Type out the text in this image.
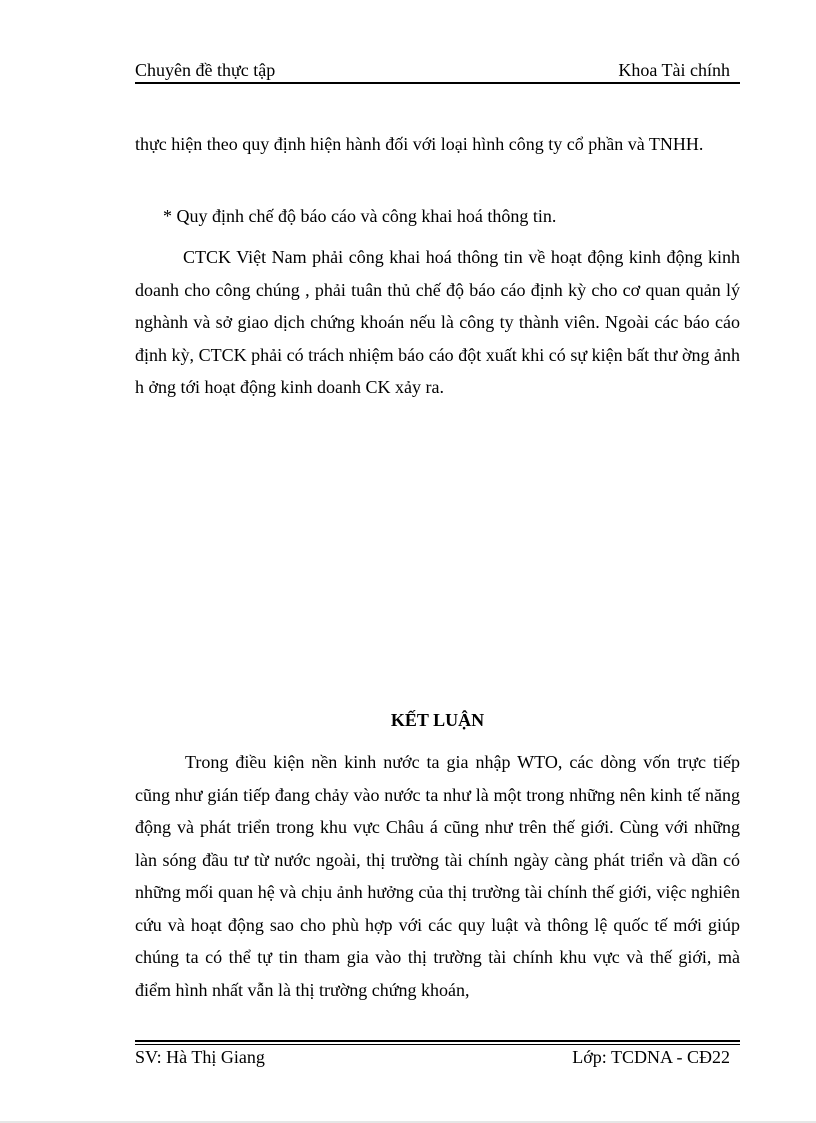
Chuyên đề thực tập	Khoa Tài chính

thực hiện theo quy định hiện hành đối với loại hình công ty cổ phần và TNHH.

* Quy định chế độ báo cáo và công khai hoá thông tin.

CTCK Việt Nam phải công khai hoá thông tin về hoạt động kinh động kinh doanh cho công chúng , phải tuân thủ chế độ báo cáo định kỳ cho cơ quan quản lý nghành và sở giao dịch chứng khoán nếu là công ty thành viên. Ngoài các báo cáo định kỳ, CTCK phải có trách nhiệm báo cáo đột xuất khi có sự kiện bất thư ờng ảnh h ởng tới hoạt động kinh doanh CK xảy ra.

KẾT LUẬN

Trong điều kiện nền kinh nước ta gia nhập WTO, các dòng vốn trực tiếp cũng như gián tiếp đang chảy vào nước ta như là một trong những nên kinh tế năng động và phát triển trong khu vực Châu á cũng như trên thế giới. Cùng với những làn sóng đầu tư từ nước ngoài, thị trường tài chính ngày càng phát triển và dần có những mối quan hệ và chịu ảnh hưởng của thị trường tài chính thế giới, việc nghiên cứu và hoạt động sao cho phù hợp với các quy luật và thông lệ quốc tế mới giúp chúng ta có thể tự tin tham gia vào thị trường tài chính khu vực và thế giới, mà điểm hình nhất vẫn là thị trường chứng khoán,

SV: Hà Thị Giang	Lớp: TCDNA - CĐ22
